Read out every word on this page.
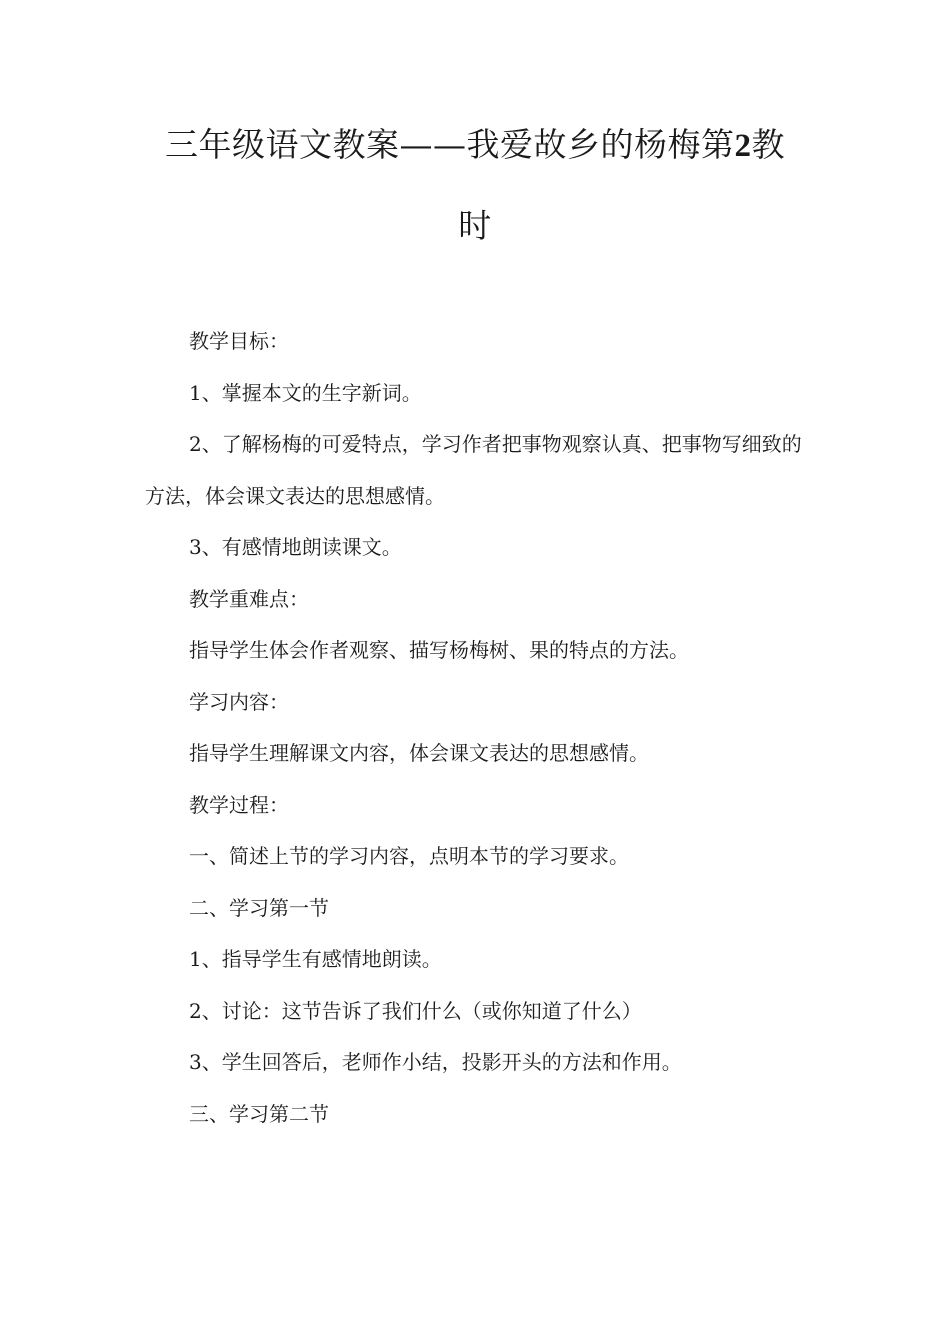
三年级语文教案——我爱故乡的杨梅第2教
时

教学目标：

1、掌握本文的生字新词。

2、了解杨梅的可爱特点，学习作者把事物观察认真、把事物写细致的方法，体会课文表达的思想感情。

3、有感情地朗读课文。

教学重难点：

指导学生体会作者观察、描写杨梅树、果的特点的方法。

学习内容：

指导学生理解课文内容，体会课文表达的思想感情。

教学过程：

一、简述上节的学习内容，点明本节的学习要求。

二、学习第一节

1、指导学生有感情地朗读。

2、讨论：这节告诉了我们什么（或你知道了什么）

3、学生回答后，老师作小结，投影开头的方法和作用。

三、学习第二节
